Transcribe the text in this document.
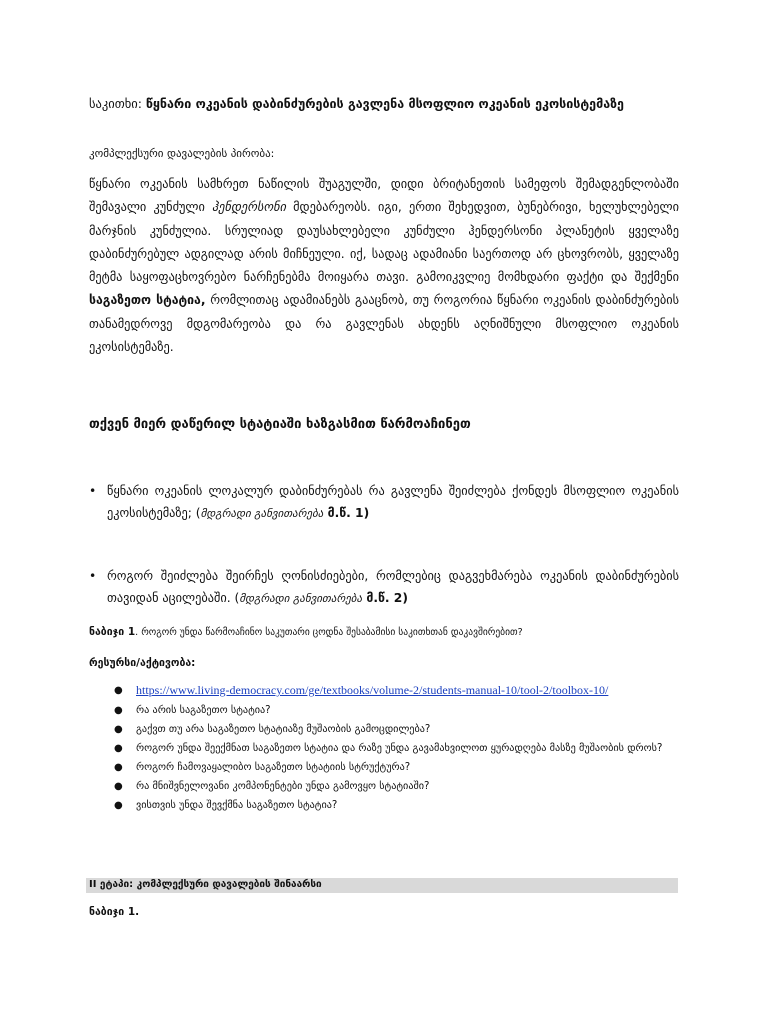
საკითხი: წყნარი ოკეანის დაბინძურების გავლენა მსოფლიო ოკეანის ეკოსისტემაზე
კომპლექსური დავალების პირობა:
წყნარი ოკეანის სამხრეთ ნაწილის შუაგულში, დიდი ბრიტანეთის სამეფოს შემადგენლობაში შემავალი კუნძული ჰენდერსონი მდებარეობს. იგი, ერთი შეხედვით, ბუნებრივი, ხელუხლებელი მარჯნის კუნძულია. სრულიად დაუსახლებელი კუნძული ჰენდერსონი პლანეტის ყველაზე დაბინძურებულ ადგილად არის მიჩნეული. იქ, სადაც ადამიანი საერთოდ არ ცხოვრობს, ყველაზე მეტმა საყოფაცხოვრებო ნარჩენებმა მოიყარა თავი. გამოიკვლიე მომხდარი ფაქტი და შექმენი საგაზეთო სტატია, რომლითაც ადამიანებს გააცნობ, თუ როგორია წყნარი ოკეანის დაბინძურების თანამედროვე მდგომარეობა და რა გავლენას ახდენს აღნიშნული მსოფლიო ოკეანის ეკოსისტემაზე.
თქვენ მიერ დაწერილ სტატიაში ხაზგასმით წარმოაჩინეთ
• წყნარი ოკეანის ლოკალურ დაბინძურებას რა გავლენა შეიძლება ქონდეს მსოფლიო ოკეანის ეკოსისტემაზე; (მდგრადი განვითარება მ.წ. 1)
• როგორ შეიძლება შეირჩეს ღონისძიებები, რომლებიც დაგვეხმარება ოკეანის დაბინძურების თავიდან აცილებაში. (მდგრადი განვითარება მ.წ. 2)
ნაბიჯი 1. როგორ უნდა წარმოაჩინო საკუთარი ცოდნა შესაბამისი საკითხთან დაკავშირებით?
რესურსი/აქტივობა:
● https://www.living-democracy.com/ge/textbooks/volume-2/students-manual-10/tool-2/toolbox-10/
● რა არის საგაზეთო სტატია?
● გაქვთ თუ არა საგაზეთო სტატიაზე მუშაობის გამოცდილება?
● როგორ უნდა შეექმნათ საგაზეთო სტატია და რაზე უნდა გავამახვილოთ ყურადღება მასზე მუშაობის დროს?
● როგორ ჩამოვაყალიბო საგაზეთო სტატიის სტრუქტურა?
● რა მნიშვნელოვანი კომპონენტები უნდა გამოვყო სტატიაში?
● ვისთვის უნდა შევქმნა საგაზეთო სტატია?
II ეტაპი: კომპლექსური დავალების შინაარსი
ნაბიჯი 1.
